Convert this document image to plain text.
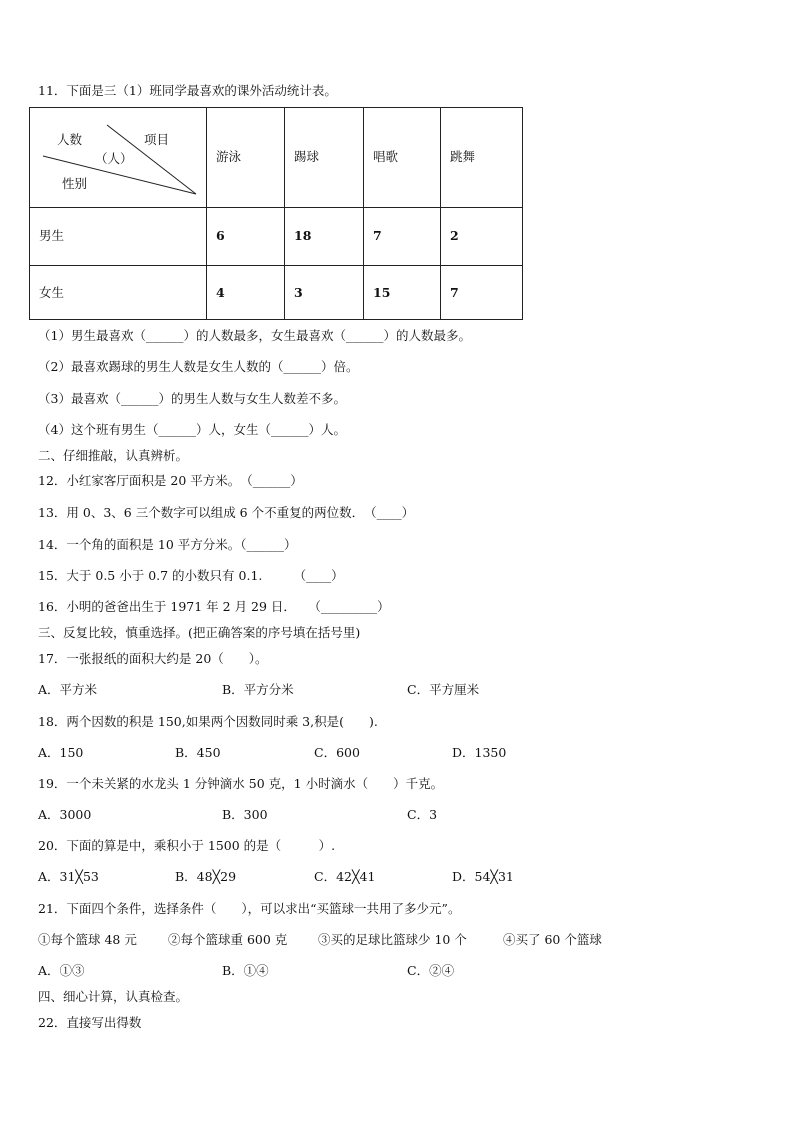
11．下面是三（1）班同学最喜欢的课外活动统计表。
人数	项目
（人）
性别
游泳	踢球	唱歌	跳舞
男生	6	18	7	2
女生	4	3	15	7
（1）男生最喜欢（______）的人数最多，女生最喜欢（______）的人数最多。
（2）最喜欢踢球的男生人数是女生人数的（______）倍。
（3）最喜欢（______）的男生人数与女生人数差不多。
（4）这个班有男生（______）人，女生（______）人。
二、仔细推敲，认真辨析。
12．小红家客厅面积是 20 平方米。　（______）
13．用 0、3、6 三个数字可以组成 6 个不重复的两位数．　（____）
14．一个角的面积是 10 平方分米。（______）
15．大于 0.5 小于 0.7 的小数只有 0.1.　　　（____）
16．小明的爸爸出生于 1971 年 2 月 29 日．　　（_________）
三、反复比较，慎重选择。(把正确答案的序号填在括号里)
17．一张报纸的面积大约是 20（　　）。
A．平方米	B．平方分米	C．平方厘米
18．两个因数的积是 150,如果两个因数同时乘 3,积是(　　).
A．150	B．450	C．600	D．1350
19．一个未关紧的水龙头 1 分钟滴水 50 克，1 小时滴水（　　）千克。
A．3000	B．300	C．3
20．下面的算是中，乘积小于 1500 的是（　　　）.
A．31╳53	B．48╳29	C．42╳41	D．54╳31
21．下面四个条件，选择条件（　　），可以求出“买篮球一共用了多少元”。
①每个篮球 48 元 ②每个篮球重 600 克 ③买的足球比篮球少 10 个	④买了 60 个篮球
A．①③	B．①④	C．②④
四、细心计算，认真检查。
22．直接写出得数
